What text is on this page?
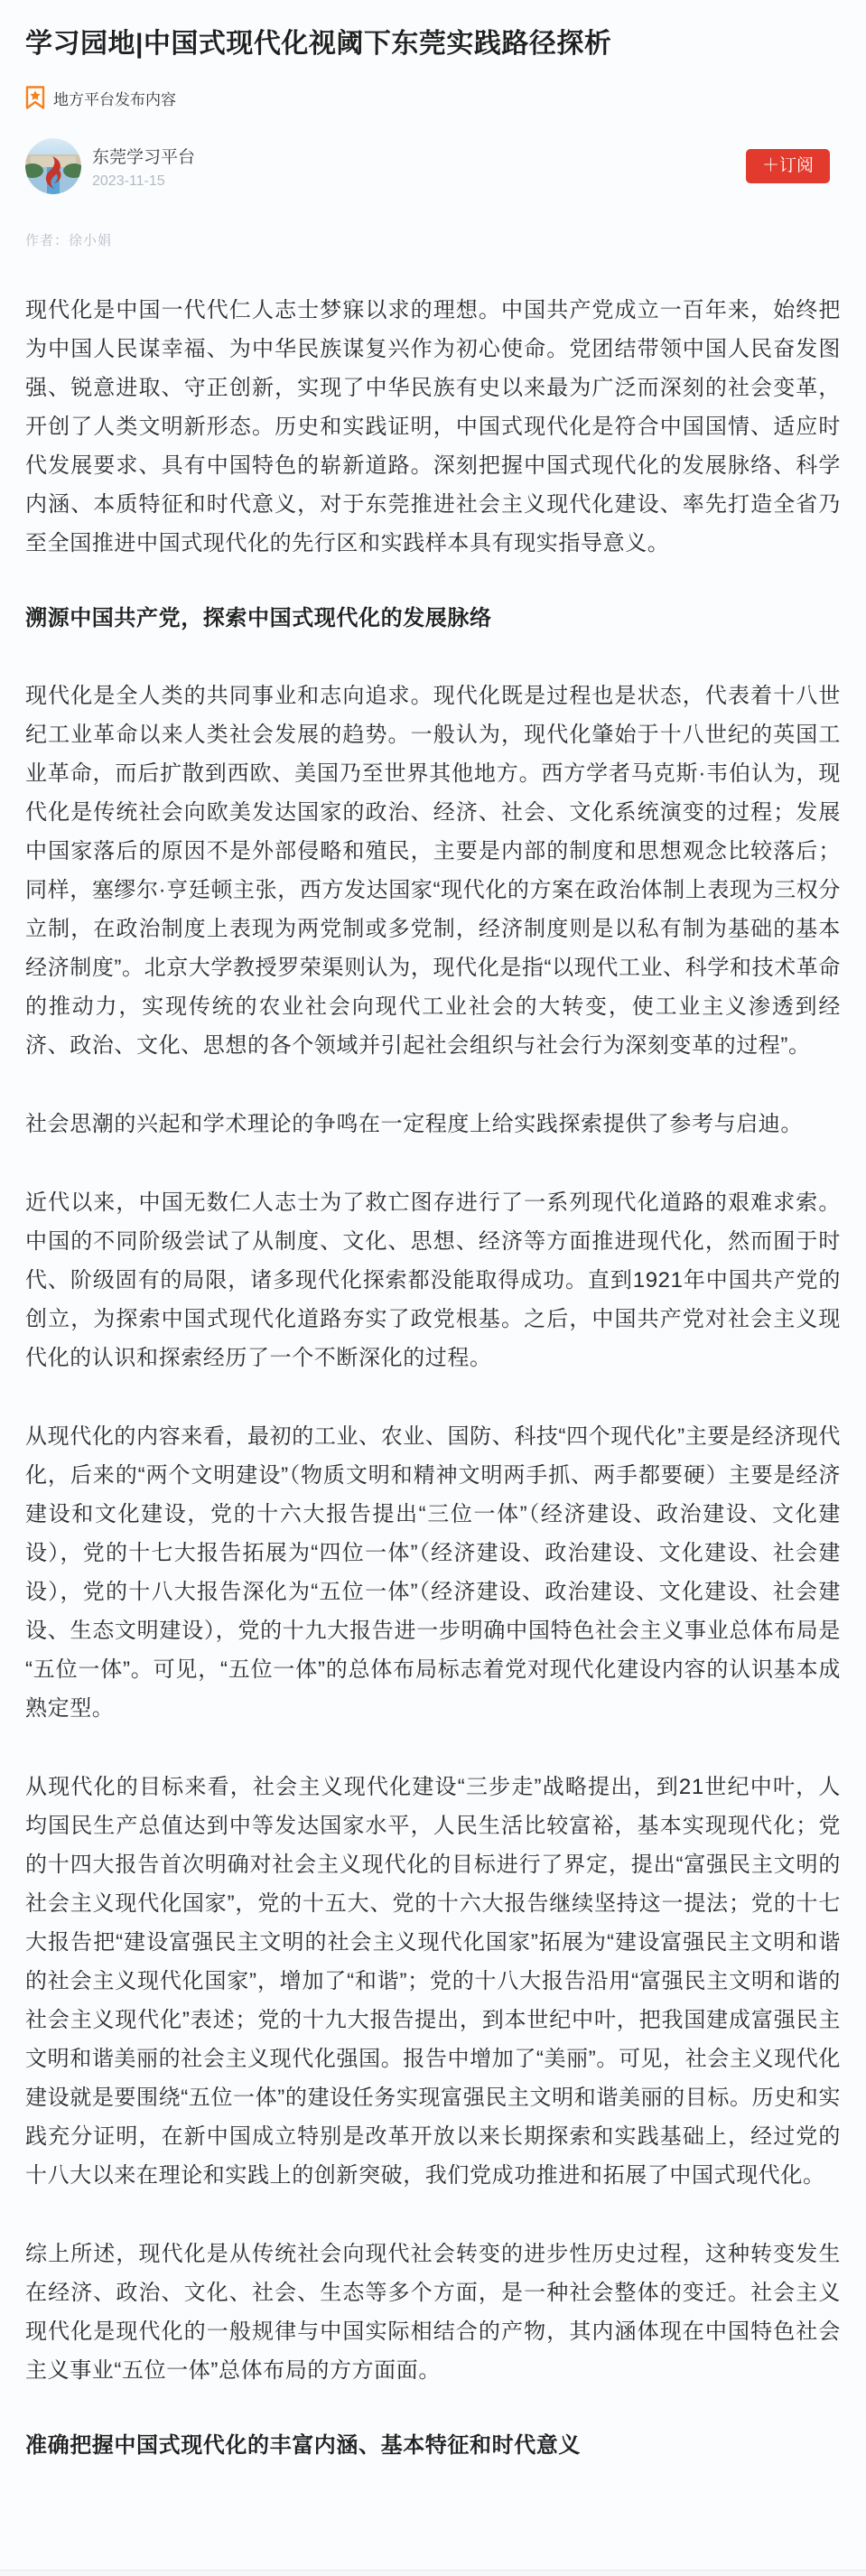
学习园地|中国式现代化视阈下东莞实践路径探析
地方平台发布内容
东莞学习平台
2023-11-15
＋订阅
作者：徐小娟

现代化是中国一代代仁人志士梦寐以求的理想。中国共产党成立一百年来，始终把为中国人民谋幸福、为中华民族谋复兴作为初心使命。党团结带领中国人民奋发图强、锐意进取、守正创新，实现了中华民族有史以来最为广泛而深刻的社会变革，开创了人类文明新形态。历史和实践证明，中国式现代化是符合中国国情、适应时代发展要求、具有中国特色的崭新道路。深刻把握中国式现代化的发展脉络、科学内涵、本质特征和时代意义，对于东莞推进社会主义现代化建设、率先打造全省乃至全国推进中国式现代化的先行区和实践样本具有现实指导意义。

溯源中国共产党，探索中国式现代化的发展脉络

现代化是全人类的共同事业和志向追求。现代化既是过程也是状态，代表着十八世纪工业革命以来人类社会发展的趋势。一般认为，现代化肇始于十八世纪的英国工业革命，而后扩散到西欧、美国乃至世界其他地方。西方学者马克斯·韦伯认为，现代化是传统社会向欧美发达国家的政治、经济、社会、文化系统演变的过程；发展中国家落后的原因不是外部侵略和殖民，主要是内部的制度和思想观念比较落后；同样，塞缪尔·亨廷顿主张，西方发达国家“现代化的方案在政治体制上表现为三权分立制，在政治制度上表现为两党制或多党制，经济制度则是以私有制为基础的基本经济制度”。北京大学教授罗荣渠则认为，现代化是指“以现代工业、科学和技术革命的推动力，实现传统的农业社会向现代工业社会的大转变，使工业主义渗透到经济、政治、文化、思想的各个领域并引起社会组织与社会行为深刻变革的过程”。

社会思潮的兴起和学术理论的争鸣在一定程度上给实践探索提供了参考与启迪。

近代以来，中国无数仁人志士为了救亡图存进行了一系列现代化道路的艰难求索。中国的不同阶级尝试了从制度、文化、思想、经济等方面推进现代化，然而囿于时代、阶级固有的局限，诸多现代化探索都没能取得成功。直到1921年中国共产党的创立，为探索中国式现代化道路夯实了政党根基。之后，中国共产党对社会主义现代化的认识和探索经历了一个不断深化的过程。

从现代化的内容来看，最初的工业、农业、国防、科技“四个现代化”主要是经济现代化，后来的“两个文明建设”（物质文明和精神文明两手抓、两手都要硬）主要是经济建设和文化建设，党的十六大报告提出“三位一体”（经济建设、政治建设、文化建设），党的十七大报告拓展为“四位一体”（经济建设、政治建设、文化建设、社会建设），党的十八大报告深化为“五位一体”（经济建设、政治建设、文化建设、社会建设、生态文明建设），党的十九大报告进一步明确中国特色社会主义事业总体布局是“五位一体”。可见，“五位一体”的总体布局标志着党对现代化建设内容的认识基本成熟定型。

从现代化的目标来看，社会主义现代化建设“三步走”战略提出，到21世纪中叶，人均国民生产总值达到中等发达国家水平，人民生活比较富裕，基本实现现代化；党的十四大报告首次明确对社会主义现代化的目标进行了界定，提出“富强民主文明的社会主义现代化国家”，党的十五大、党的十六大报告继续坚持这一提法；党的十七大报告把“建设富强民主文明的社会主义现代化国家”拓展为“建设富强民主文明和谐的社会主义现代化国家”，增加了“和谐”；党的十八大报告沿用“富强民主文明和谐的社会主义现代化”表述；党的十九大报告提出，到本世纪中叶，把我国建成富强民主文明和谐美丽的社会主义现代化强国。报告中增加了“美丽”。可见，社会主义现代化建设就是要围绕“五位一体”的建设任务实现富强民主文明和谐美丽的目标。历史和实践充分证明，在新中国成立特别是改革开放以来长期探索和实践基础上，经过党的十八大以来在理论和实践上的创新突破，我们党成功推进和拓展了中国式现代化。

综上所述，现代化是从传统社会向现代社会转变的进步性历史过程，这种转变发生在经济、政治、文化、社会、生态等多个方面，是一种社会整体的变迁。社会主义现代化是现代化的一般规律与中国实际相结合的产物，其内涵体现在中国特色社会主义事业“五位一体”总体布局的方方面面。

准确把握中国式现代化的丰富内涵、基本特征和时代意义
